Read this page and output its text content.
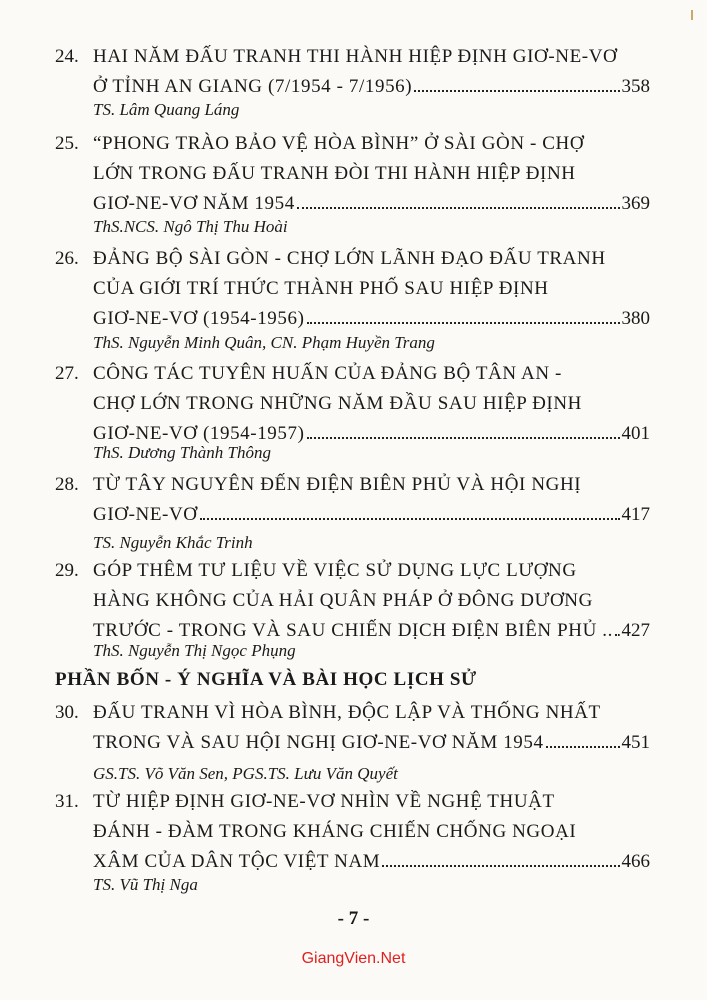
24. HAI NĂM ĐẤU TRANH THI HÀNH HIỆP ĐỊNH GIƠ-NE-VƠ
Ở TỈNH AN GIANG (7/1954 - 7/1956)	358
TS. Lâm Quang Láng
25. “PHONG TRÀO BẢO VỆ HÒA BÌNH” Ở SÀI GÒN - CHỢ
LỚN TRONG ĐẤU TRANH ĐÒI THI HÀNH HIỆP ĐỊNH
GIƠ-NE-VƠ NĂM 1954	369
ThS.NCS. Ngô Thị Thu Hoài
26. ĐẢNG BỘ SÀI GÒN - CHỢ LỚN LÃNH ĐẠO ĐẤU TRANH
CỦA GIỚI TRÍ THỨC THÀNH PHỐ SAU HIỆP ĐỊNH
GIƠ-NE-VƠ (1954-1956)	380
ThS. Nguyễn Minh Quân, CN. Phạm Huyền Trang
27. CÔNG TÁC TUYÊN HUẤN CỦA ĐẢNG BỘ TÂN AN -
CHỢ LỚN TRONG NHỮNG NĂM ĐẦU SAU HIỆP ĐỊNH
GIƠ-NE-VƠ (1954-1957)	401
ThS. Dương Thành Thông
28. TỪ TÂY NGUYÊN ĐẾN ĐIỆN BIÊN PHỦ VÀ HỘI NGHỊ
GIƠ-NE-VƠ	417
TS. Nguyễn Khắc Trinh
29. GÓP THÊM TƯ LIỆU VỀ VIỆC SỬ DỤNG LỰC LƯỢNG
HÀNG KHÔNG CỦA HẢI QUÂN PHÁP Ở ĐÔNG DƯƠNG
TRƯỚC - TRONG VÀ SAU CHIẾN DỊCH ĐIỆN BIÊN PHỦ .. 427
ThS. Nguyễn Thị Ngọc Phụng
PHẦN BỐN - Ý NGHĨA VÀ BÀI HỌC LỊCH SỬ
30. ĐẤU TRANH VÌ HÒA BÌNH, ĐỘC LẬP VÀ THỐNG NHẤT
TRONG VÀ SAU HỘI NGHỊ GIƠ-NE-VƠ NĂM 1954	451
GS.TS. Võ Văn Sen, PGS.TS. Lưu Văn Quyết
31. TỪ HIỆP ĐỊNH GIƠ-NE-VƠ NHÌN VỀ NGHỆ THUẬT
ĐÁNH - ĐÀM TRONG KHÁNG CHIẾN CHỐNG NGOẠI
XÂM CỦA DÂN TỘC VIỆT NAM	466
TS. Vũ Thị Nga
- 7 -
GiangVien.Net
